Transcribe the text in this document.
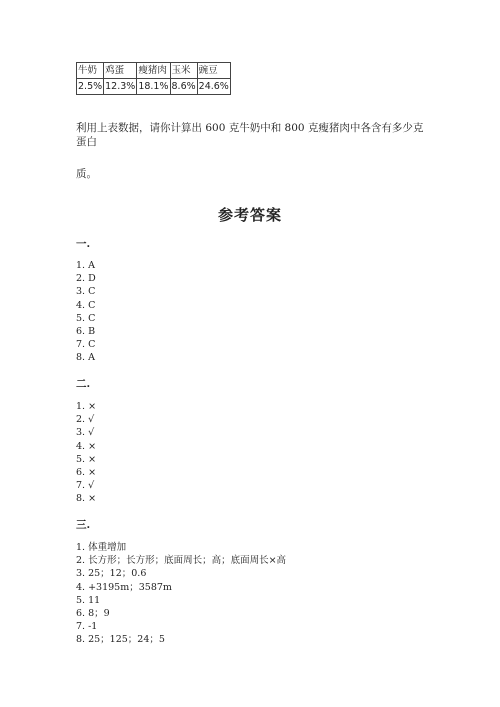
牛奶	鸡蛋	瘦猪肉	玉米	豌豆
2.5%	12.3%	18.1%	8.6%	24.6%
利用上表数据，请你计算出 600 克牛奶中和 800 克瘦猪肉中各含有多少克蛋白
质。
参考答案
一.
1. A
2. D
3. C
4. C
5. C
6. B
7. C
8. A
二.
1. ×
2. √
3. √
4. ×
5. ×
6. ×
7. √
8. ×
三.
1. 体重增加
2. 长方形；长方形；底面周长；高；底面周长×高
3. 25；12；0.6
4. +3195m；3587m
5. 11
6. 8；9
7. -1
8. 25；125；24；5
